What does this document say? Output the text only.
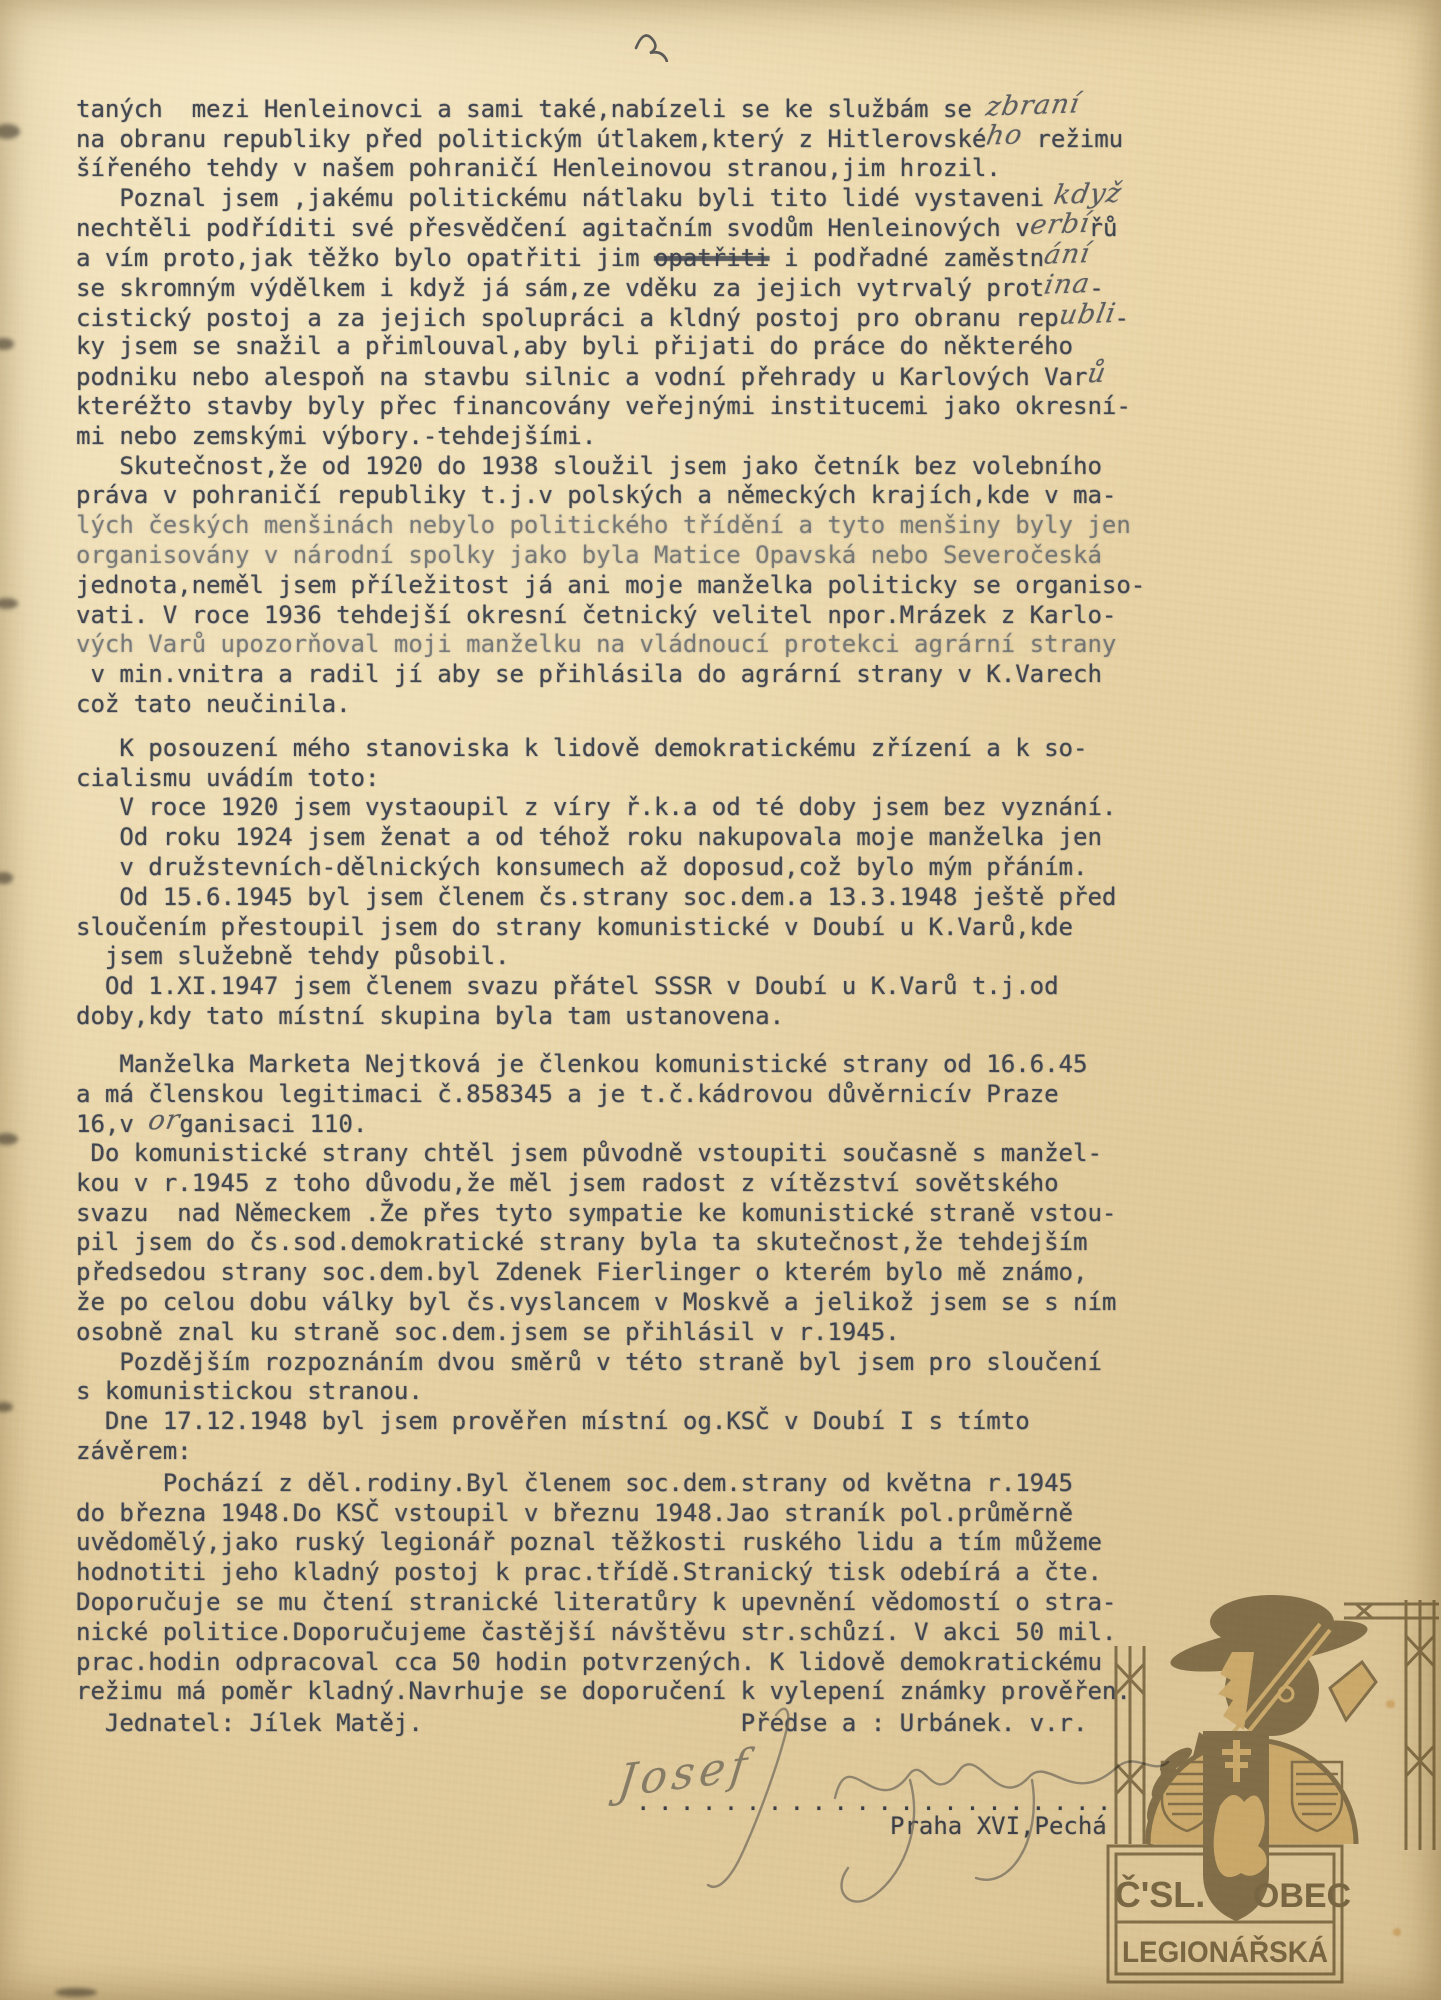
taných  mezi Henleinovci a sami také,nabízeli se ke službám se zbraní
na obranu republiky před politickým útlakem,který z Hitlerovského režimu
šířeného tehdy v našem pohraničí Henleinovou stranou,jim hrozil.
Poznal jsem ,jakému politickému nátlaku byli tito lidé vystaveni když
nechtěli podříditi své přesvědčení agitačním svodům Henleinových verbířů
a vím proto,jak těžko bylo opatřiti jim opatřiti i podřadné zaměstnání
se skromným výdělkem i když já sám,ze vděku za jejich vytrvalý protina-
cistický postoj a za jejich spolupráci a kldný postoj pro obranu republi-
ky jsem se snažil a přimlouval,aby byli přijati do práce do některého
podniku nebo alespoň na stavbu silnic a vodní přehrady u Karlových Varů
kteréžto stavby byly přec financovány veřejnými institucemi jako okresní-
mi nebo zemskými výbory.-tehdejšími.
Skutečnost,že od 1920 do 1938 sloužil jsem jako četník bez volebního
práva v pohraničí republiky t.j.v polských a německých krajích,kde v ma-
lých českých menšinách nebylo politického třídění a tyto menšiny byly jen
organisovány v národní spolky jako byla Matice Opavská nebo Severočeská
jednota,neměl jsem příležitost já ani moje manželka politicky se organiso-
vati. V roce 1936 tehdejší okresní četnický velitel npor.Mrázek z Karlo-
vých Varů upozorňoval moji manželku na vládnoucí protekci agrární strany
v min.vnitra a radil jí aby se přihlásila do agrární strany v K.Varech
což tato neučinila.
K posouzení mého stanoviska k lidově demokratickému zřízení a k so-
cialismu uvádím toto:
V roce 1920 jsem vystaoupil z víry ř.k.a od té doby jsem bez vyznání.
Od roku 1924 jsem ženat a od téhož roku nakupovala moje manželka jen
v družstevních-dělnických konsumech až doposud,což bylo mým přáním.
Od 15.6.1945 byl jsem členem čs.strany soc.dem.a 13.3.1948 ještě před
sloučením přestoupil jsem do strany komunistické v Doubí u K.Varů,kde
jsem služebně tehdy působil.
Od 1.XI.1947 jsem členem svazu přátel SSSR v Doubí u K.Varů t.j.od
doby,kdy tato místní skupina byla tam ustanovena.
Manželka Marketa Nejtková je členkou komunistické strany od 16.6.45
a má členskou legitimaci č.858345 a je t.č.kádrovou důvěrnicív Praze
16,v organisaci 110.
Do komunistické strany chtěl jsem původně vstoupiti současně s manžel-
kou v r.1945 z toho důvodu,že měl jsem radost z vítězství sovětského
svazu  nad Německem .Že přes tyto sympatie ke komunistické straně vstou-
pil jsem do čs.sod.demokratické strany byla ta skutečnost,že tehdejším
předsedou strany soc.dem.byl Zdenek Fierlinger o kterém bylo mě známo,
že po celou dobu války byl čs.vyslancem v Moskvě a jelikož jsem se s ním
osobně znal ku straně soc.dem.jsem se přihlásil v r.1945.
Pozdějším rozpoznáním dvou směrů v této straně byl jsem pro sloučení
s komunistickou stranou.
Dne 17.12.1948 byl jsem prověřen místní og.KSČ v Doubí I s tímto
závěrem:
Pochází z děl.rodiny.Byl členem soc.dem.strany od května r.1945
do března 1948.Do KSČ vstoupil v březnu 1948.Jao straník pol.průměrně
uvědomělý,jako ruský legionář poznal těžkosti ruského lidu a tím můžeme
hodnotiti jeho kladný postoj k prac.třídě.Stranický tisk odebírá a čte.
Doporučuje se mu čtení stranické literatůry k upevnění vědomostí o stra-
nické politice.Doporučujeme častější návštěvu str.schůzí. V akci 50 mil.
prac.hodin odpracoval cca 50 hodin potvrzených. K lidově demokratickému
režimu má poměr kladný.Navrhuje se doporučení k vylepení známky prověřen.
Jednatel: Jílek Matěj.                      Předse a : Urbánek. v.r.
......................
Praha XVI,Pechá
Josef
Č'SL. OBEC
LEGIONÁŘSKÁ
